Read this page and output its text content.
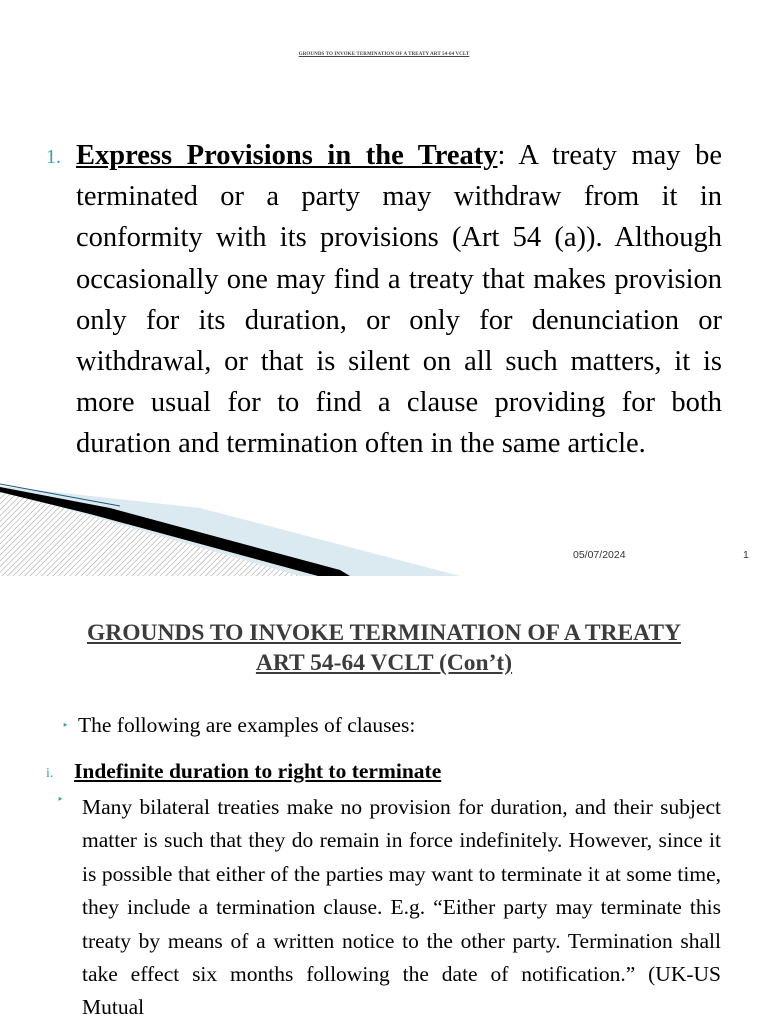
GROUNDS TO INVOKE TERMINATION OF A TREATY ART 54-64 VCLT
1. Express Provisions in the Treaty: A treaty may be terminated or a party may withdraw from it in conformity with its provisions (Art 54 (a)). Although occasionally one may find a treaty that makes provision only for its duration, or only for denunciation or withdrawal, or that is silent on all such matters, it is more usual for to find a clause providing for both duration and termination often in the same article.
05/07/2024	1
GROUNDS TO INVOKE TERMINATION OF A TREATY
ART 54-64 VCLT (Con’t)
‣ The following are examples of clauses:
i. Indefinite duration to right to terminate
‣ Many bilateral treaties make no provision for duration, and their subject matter is such that they do remain in force indefinitely. However, since it is possible that either of the parties may want to terminate it at some time, they include a termination clause. E.g. “Either party may terminate this treaty by means of a written notice to the other party. Termination shall take effect six months following the date of notification.” (UK-US Mutual
